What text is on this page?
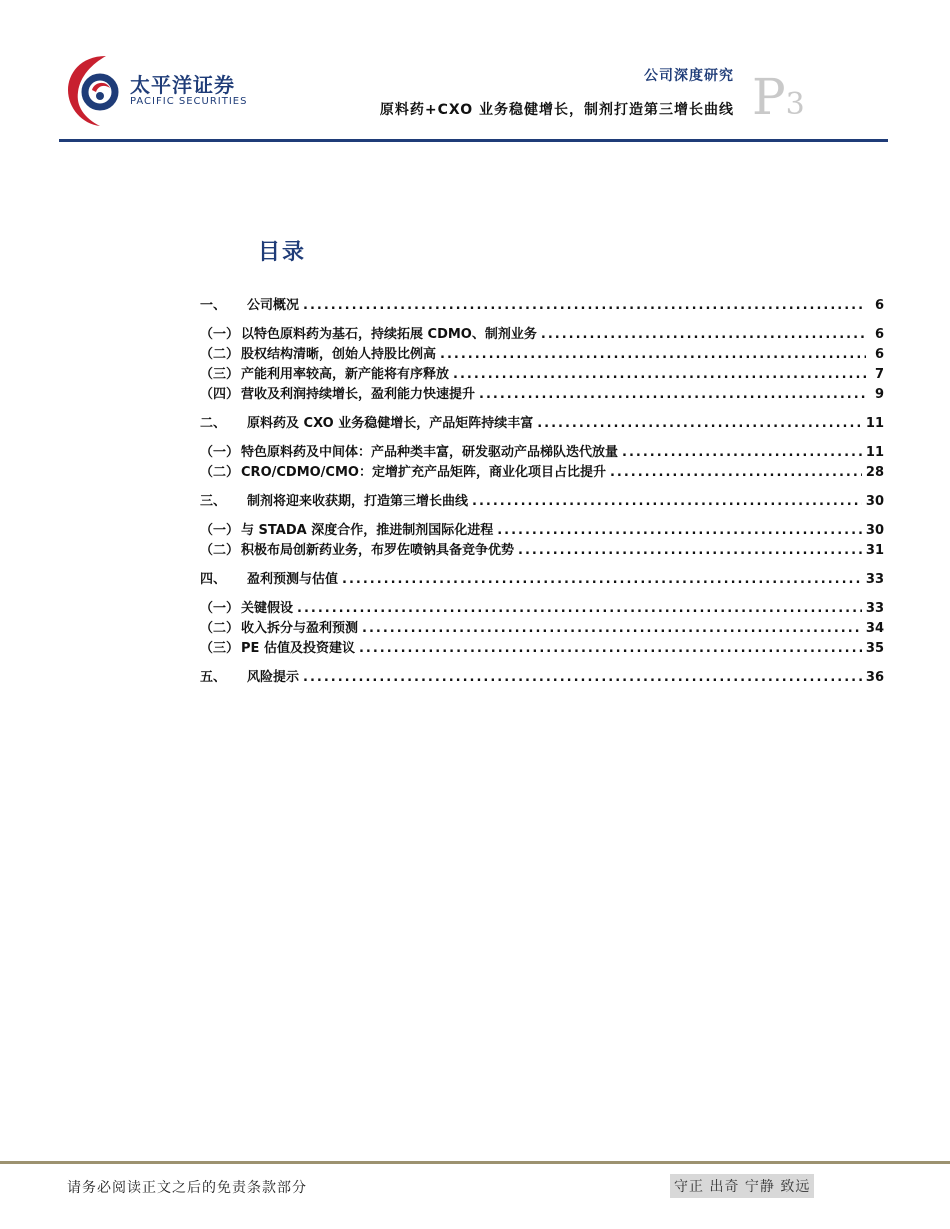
太平洋证券
PACIFIC SECURITIES
公司深度研究
原料药+CXO 业务稳健增长，制剂打造第三增长曲线 P3
目录
一、 公司概况 .....	6
（一） 以特色原料药为基石，持续拓展 CDMO、制剂业务 .....	6
（二） 股权结构清晰，创始人持股比例高 .....	6
（三） 产能利用率较高，新产能将有序释放 .....	7
（四） 营收及利润持续增长，盈利能力快速提升 .....	9
二、 原料药及 CXO 业务稳健增长，产品矩阵持续丰富 .....	11
（一） 特色原料药及中间体：产品种类丰富，研发驱动产品梯队迭代放量 .....	11
（二） CRO/CDMO/CMO：定增扩充产品矩阵，商业化项目占比提升 .....	28
三、 制剂将迎来收获期，打造第三增长曲线 .....	30
（一） 与 STADA 深度合作，推进制剂国际化进程 .....	30
（二） 积极布局创新药业务，布罗佐喷钠具备竞争优势 .....	31
四、 盈利预测与估值 .....	33
（一） 关键假设 .....	33
（二） 收入拆分与盈利预测 .....	34
（三） PE 估值及投资建议 .....	35
五、 风险提示 .....	36
请务必阅读正文之后的免责条款部分	守正 出奇 宁静 致远
